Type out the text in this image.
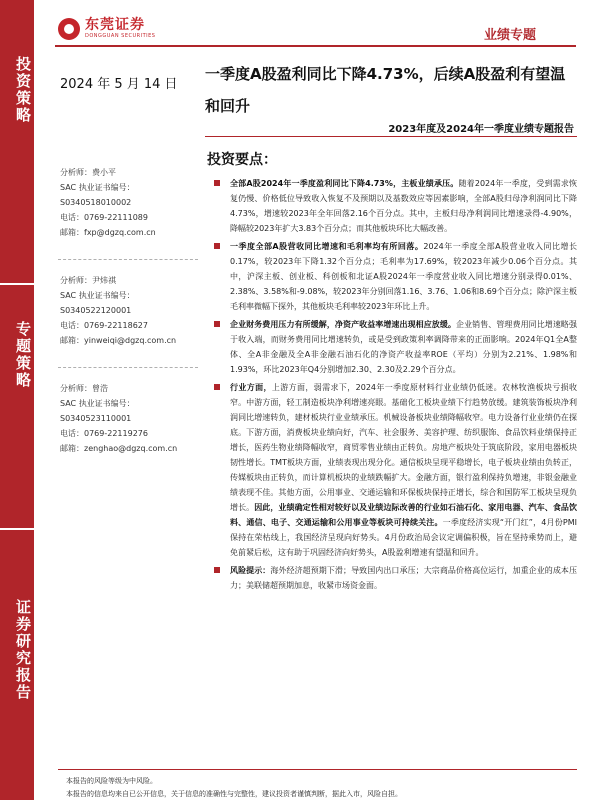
投资策略
专题策略
证券研究报告
东莞证券
DONGGUAN SECURITIES	业绩专题
2024 年 5 月 14 日
一季度A股盈利同比下降4.73%，后续A股盈利有望温和回升
2023年度及2024年一季度业绩专题报告
分析师：费小平
SAC 执业证书编号：
S0340518010002
电话：0769-22111089
邮箱：fxp@dgzq.com.cn
分析师：尹炜祺
SAC 执业证书编号：
S0340522120001
电话：0769-22118627
邮箱：yinweiqi@dgzq.com.cn
分析师：曾浩
SAC 执业证书编号：
S0340523110001
电话：0769-22119276
邮箱：zenghao@dgzq.com.cn
投资要点：
全部A股2024年一季度盈利同比下降4.73%，主板业绩承压。随着2024年一季度，受到需求恢复仍慢、价格低位导致收入恢复不及预期以及基数效应等因素影响，全部A股归母净利润同比下降4.73%，增速较2023年全年回落2.16个百分点。其中，主板归母净利润同比增速录得-4.90%，降幅较2023年扩大3.83个百分点；而其他板块环比大幅改善。
一季度全部A股营收同比增速和毛利率均有所回落。2024年一季度全部A股营业收入同比增长0.17%，较2023年下降1.32个百分点；毛利率为17.69%，较2023年减少0.06个百分点。其中，沪深主板、创业板、科创板和北证A股2024年一季度营业收入同比增速分别录得0.01%、2.38%、3.58%和-9.08%，较2023年分别回落1.16、3.76、1.06和8.69个百分点；除沪深主板毛利率微幅下探外，其他板块毛利率较2023年环比上升。
企业财务费用压力有所缓解，净资产收益率增速出现相应放缓。企业销售、管理费用同比增速略强于收入端，而财务费用同比增速转负，或是受到政策利率调降带来的正面影响。2024年Q1全A整体、全A非金融及全A非金融石油石化的净资产收益率ROE（平均）分别为2.21%、1.98%和1.93%，环比2023年Q4分别增加2.30、2.30及2.29个百分点。
行业方面，上游方面，弱需求下，2024年一季度原材料行业业绩仍低迷。农林牧渔板块亏损收窄。中游方面，轻工制造板块净利增速亮眼。基础化工板块业绩下行趋势放缓。建筑装饰板块净利润同比增速转负，建材板块行业业绩承压。机械设备板块业绩降幅收窄。电力设备行业业绩仍在探底。下游方面，消费板块业绩向好，汽车、社会服务、美容护理、纺织服饰、食品饮料业绩保持正增长，医药生物业绩降幅收窄，商贸零售业绩由正转负。房地产板块处于筑底阶段，家用电器板块韧性增长。TMT板块方面，业绩表现出现分化。通信板块呈现平稳增长，电子板块业绩由负转正，传媒板块由正转负，而计算机板块的业绩跌幅扩大。金融方面，银行盈利保持负增速，非银金融业绩表现不佳。其他方面，公用事业、交通运输和环保板块保持正增长，综合和国防军工板块呈现负增长。因此，业绩确定性相对较好以及业绩边际改善的行业如石油石化、家用电器、汽车、食品饮料、通信、电子、交通运输和公用事业等板块可持续关注。一季度经济实现“开门红”，4月份PMI保持在荣枯线上，我国经济呈现向好势头。4月份政治局会议定调偏积极，旨在坚持乘势而上，避免前紧后松，这有助于巩固经济向好势头，A股盈利增速有望温和回升。
风险提示：海外经济超预期下滑；导致国内出口承压；大宗商品价格高位运行，加重企业的成本压力；美联储超预期加息，收紧市场资金面。
本报告的风险等级为中风险。
本报告的信息均来自已公开信息，关于信息的准确性与完整性，建议投资者谨慎判断，据此入市，风险自担。
